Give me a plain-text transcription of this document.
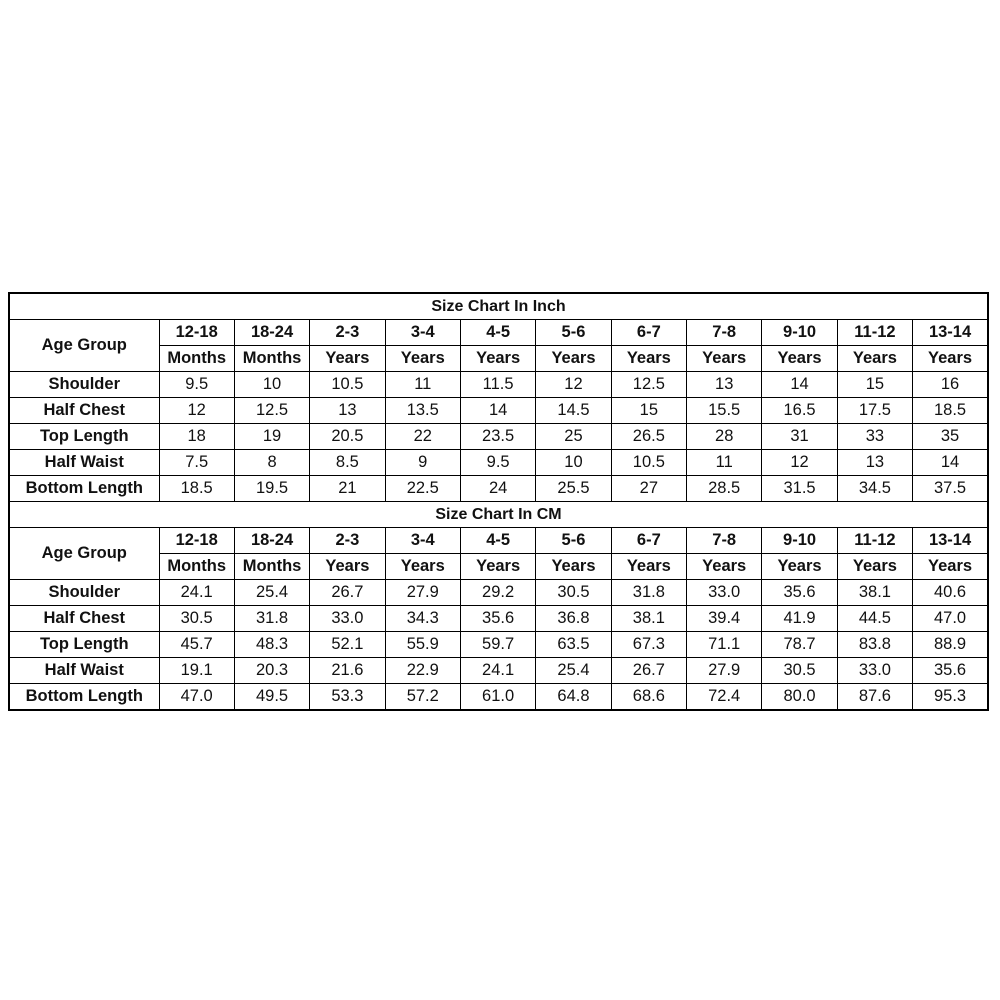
Size Chart In Inch											
Age Group	12-18	18-24	2-3	3-4	4-5	5-6	6-7	7-8	9-10	11-12	13-14
	Months	Months	Years	Years	Years	Years	Years	Years	Years	Years	Years
Shoulder	9.5	10	10.5	11	11.5	12	12.5	13	14	15	16
Half Chest	12	12.5	13	13.5	14	14.5	15	15.5	16.5	17.5	18.5
Top Length	18	19	20.5	22	23.5	25	26.5	28	31	33	35
Half Waist	7.5	8	8.5	9	9.5	10	10.5	11	12	13	14
Bottom Length	18.5	19.5	21	22.5	24	25.5	27	28.5	31.5	34.5	37.5
Size Chart In CM											
Age Group	12-18	18-24	2-3	3-4	4-5	5-6	6-7	7-8	9-10	11-12	13-14
	Months	Months	Years	Years	Years	Years	Years	Years	Years	Years	Years
Shoulder	24.1	25.4	26.7	27.9	29.2	30.5	31.8	33.0	35.6	38.1	40.6
Half Chest	30.5	31.8	33.0	34.3	35.6	36.8	38.1	39.4	41.9	44.5	47.0
Top Length	45.7	48.3	52.1	55.9	59.7	63.5	67.3	71.1	78.7	83.8	88.9
Half Waist	19.1	20.3	21.6	22.9	24.1	25.4	26.7	27.9	30.5	33.0	35.6
Bottom Length	47.0	49.5	53.3	57.2	61.0	64.8	68.6	72.4	80.0	87.6	95.3
